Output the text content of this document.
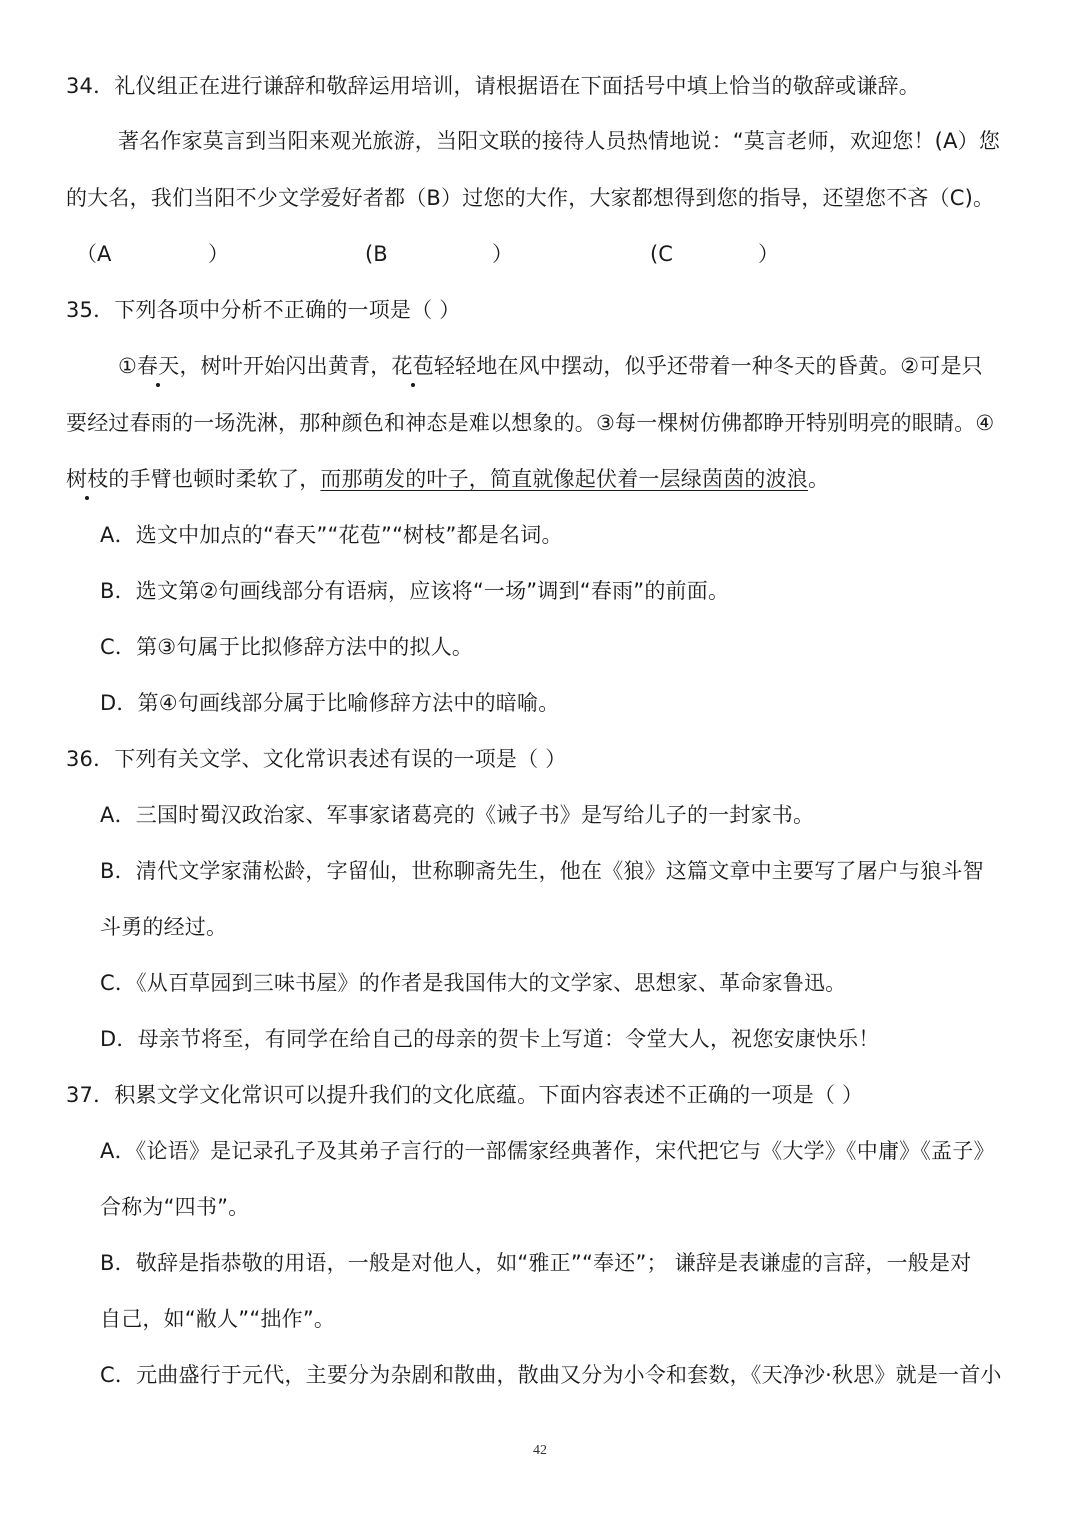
34．礼仪组正在进行谦辞和敬辞运用培训，请根据语在下面括号中填上恰当的敬辞或谦辞。

著名作家莫言到当阳来观光旅游，当阳文联的接待人员热情地说：“莫言老师，欢迎您！(A）您

的大名，我们当阳不少文学爱好者都（B）过您的大作，大家都想得到您的指导，还望您不吝（C)。

（A	）	(B	）	(C	）

35．下列各项中分析不正确的一项是（ ）

①春天，树叶开始闪出黄青，花苞轻轻地在风中摆动，似乎还带着一种冬天的昏黄。②可是只

要经过春雨的一场洗淋，那种颜色和神态是难以想象的。③每一棵树仿佛都睁开特别明亮的眼睛。④

树枝的手臂也顿时柔软了，而那萌发的叶子，简直就像起伏着一层绿茵茵的波浪。

A．选文中加点的“春天”“花苞”“树枝”都是名词。

B．选文第②句画线部分有语病，应该将“一场”调到“春雨”的前面。

C．第③句属于比拟修辞方法中的拟人。

D．第④句画线部分属于比喻修辞方法中的暗喻。

36．下列有关文学、文化常识表述有误的一项是（ ）

A．三国时蜀汉政治家、军事家诸葛亮的《诫子书》是写给儿子的一封家书。

B．清代文学家蒲松龄，字留仙，世称聊斋先生，他在《狼》这篇文章中主要写了屠户与狼斗智

斗勇的经过。

C．《从百草园到三味书屋》的作者是我国伟大的文学家、思想家、革命家鲁迅。

D．母亲节将至，有同学在给自己的母亲的贺卡上写道：令堂大人，祝您安康快乐！

37．积累文学文化常识可以提升我们的文化底蕴。下面内容表述不正确的一项是（ ）

A．《论语》是记录孔子及其弟子言行的一部儒家经典著作，宋代把它与《大学》《中庸》《孟子》

合称为“四书”。

B．敬辞是指恭敬的用语，一般是对他人，如“雅正”“奉还”； 谦辞是表谦虚的言辞，一般是对

自己，如“敝人”“拙作”。

C．元曲盛行于元代，主要分为杂剧和散曲，散曲又分为小令和套数，《天净沙·秋思》就是一首小

42
